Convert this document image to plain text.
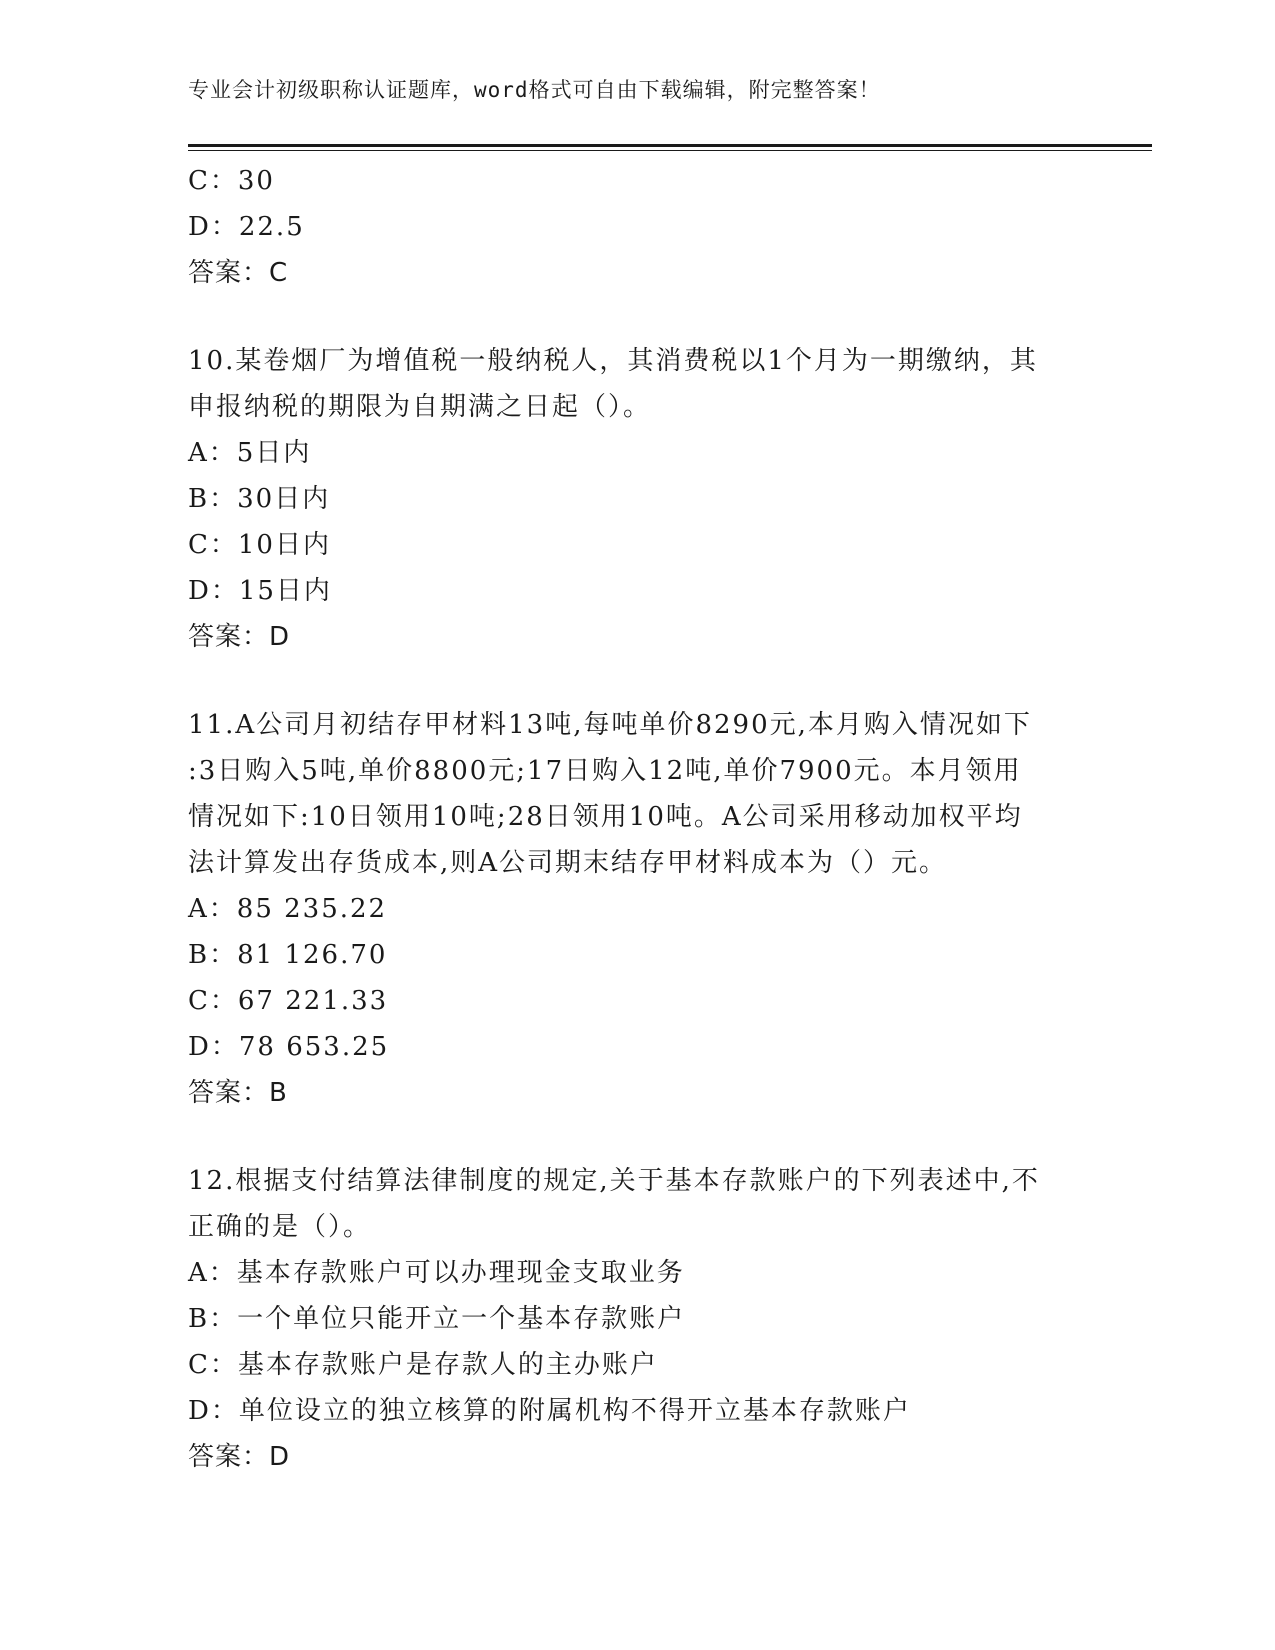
专业会计初级职称认证题库，word格式可自由下载编辑，附完整答案！
C：30
D：22.5
答案：C
10.某卷烟厂为增值税一般纳税人，其消费税以1个月为一期缴纳，其
申报纳税的期限为自期满之日起（）。
A：5日内
B：30日内
C：10日内
D：15日内
答案：D
11.A公司月初结存甲材料13吨,每吨单价8290元,本月购入情况如下
:3日购入5吨,单价8800元;17日购入12吨,单价7900元。本月领用
情况如下:10日领用10吨;28日领用10吨。A公司采用移动加权平均
法计算发出存货成本,则A公司期末结存甲材料成本为（）元。
A：85 235.22
B：81 126.70
C：67 221.33
D：78 653.25
答案：B
12.根据支付结算法律制度的规定,关于基本存款账户的下列表述中,不
正确的是（）。
A：基本存款账户可以办理现金支取业务
B：一个单位只能开立一个基本存款账户
C：基本存款账户是存款人的主办账户
D：单位设立的独立核算的附属机构不得开立基本存款账户
答案：D
